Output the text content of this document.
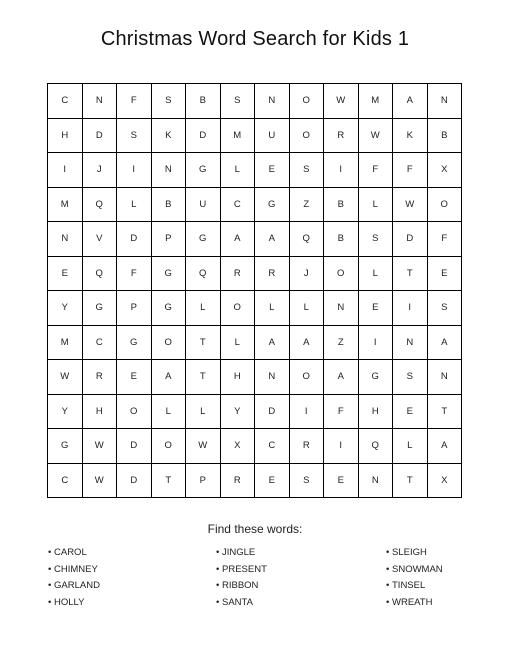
Christmas Word Search for Kids 1
C	N	F	S	B	S	N	O	W	M	A	N
H	D	S	K	D	M	U	O	R	W	K	B
I	J	I	N	G	L	E	S	I	F	F	X
M	Q	L	B	U	C	G	Z	B	L	W	O
N	V	D	P	G	A	A	Q	B	S	D	F
E	Q	F	G	Q	R	R	J	O	L	T	E
Y	G	P	G	L	O	L	L	N	E	I	S
M	C	G	O	T	L	A	A	Z	I	N	A
W	R	E	A	T	H	N	O	A	G	S	N
Y	H	O	L	L	Y	D	I	F	H	E	T
G	W	D	O	W	X	C	R	I	Q	L	A
C	W	D	T	P	R	E	S	E	N	T	X
Find these words:
• CAROL
• CHIMNEY
• GARLAND
• HOLLY
• JINGLE
• PRESENT
• RIBBON
• SANTA
• SLEIGH
• SNOWMAN
• TINSEL
• WREATH
